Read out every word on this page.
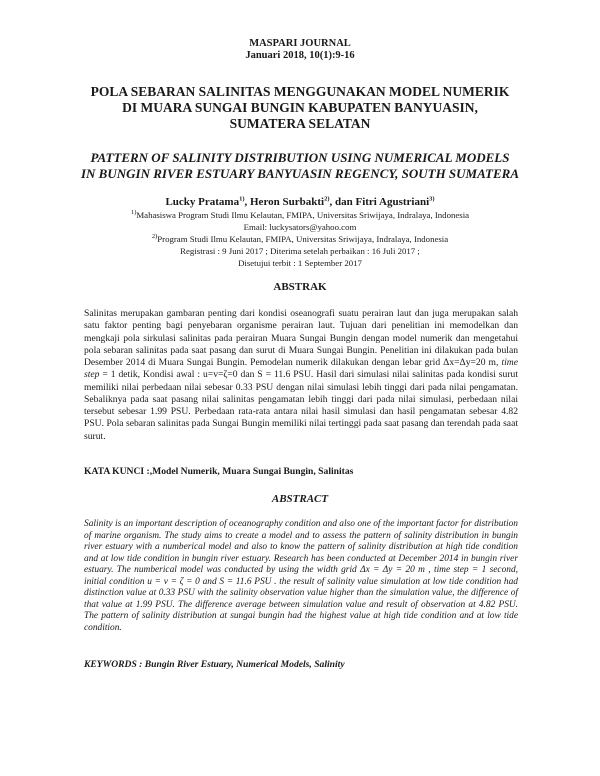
MASPARI JOURNAL
Januari 2018, 10(1):9-16
POLA SEBARAN SALINITAS MENGGUNAKAN MODEL NUMERIK
DI MUARA SUNGAI BUNGIN KABUPATEN BANYUASIN,
SUMATERA SELATAN
PATTERN OF SALINITY DISTRIBUTION USING NUMERICAL MODELS
IN BUNGIN RIVER ESTUARY BANYUASIN REGENCY, SOUTH SUMATERA
Lucky Pratama$^{1)}$, Heron Surbakti$^{2)}$, dan Fitri Agustriani$^{3)}$
$^{1)}$Mahasiswa Program Studi Ilmu Kelautan, FMIPA, Universitas Sriwijaya, Indralaya, Indonesia
Email: luckysators@yahoo.com
$^{2)}$Program Studi Ilmu Kelautan, FMIPA, Universitas Sriwijaya, Indralaya, Indonesia
Registrasi : 9 Juni 2017 ; Diterima setelah perbaikan : 16 Juli 2017 ;
Disetujui terbit : 1 September 2017
ABSTRAK
Salinitas merupakan gambaran penting dari kondisi oseanografi suatu perairan laut dan juga merupakan salah satu faktor penting bagi penyebaran organisme perairan laut. Tujuan dari penelitian ini memodelkan dan mengkaji pola sirkulasi salinitas pada perairan Muara Sungai Bungin dengan model numerik dan mengetahui pola sebaran salinitas pada saat pasang dan surut di Muara Sungai Bungin. Penelitian ini dilakukan pada bulan Desember 2014 di Muara Sungai Bungin. Pemodelan numerik dilakukan dengan lebar grid Δx=Δy=20 m, time step = 1 detik, Kondisi awal : u=v=ζ=0 dan S = 11.6 PSU. Hasil dari simulasi nilai salinitas pada kondisi surut memiliki nilai perbedaan nilai sebesar 0.33 PSU dengan nilai simulasi lebih tinggi dari pada nilai pengamatan. Sebaliknya pada saat pasang nilai salinitas pengamatan lebih tinggi dari pada nilai simulasi, perbedaan nilai tersebut sebesar 1.99 PSU. Perbedaan rata-rata antara nilai hasil simulasi dan hasil pengamatan sebesar 4.82 PSU. Pola sebaran salinitas pada Sungai Bungin memiliki nilai tertinggi pada saat pasang dan terendah pada saat surut.
KATA KUNCI :,Model Numerik, Muara Sungai Bungin, Salinitas
ABSTRACT
Salinity is an important description of oceanography condition and also one of the important factor for distribution of marine organism. The study aims to create a model and to assess the pattern of salinity distribution in bungin river estuary with a numberical model and also to know the pattern of salinity distribution at high tide condition and at low tide condition in bungin river estuary. Research has been conducted at December 2014 in bungin river estuary. The numberical model was conducted by using the width grid Δx = Δy = 20 m , time step = 1 second, initial condition u = v = ζ = 0 and S = 11.6 PSU . the result of salinity value simulation at low tide condition had distinction value at 0.33 PSU with the salinity observation value higher than the simulation value, the difference of that value at 1.99 PSU. The difference average between simulation value and result of observation at 4.82 PSU. The pattern of salinity distribution at sungai bungin had the highest value at high tide condition and at low tide condition.
KEYWORDS : Bungin River Estuary, Numerical Models, Salinity
